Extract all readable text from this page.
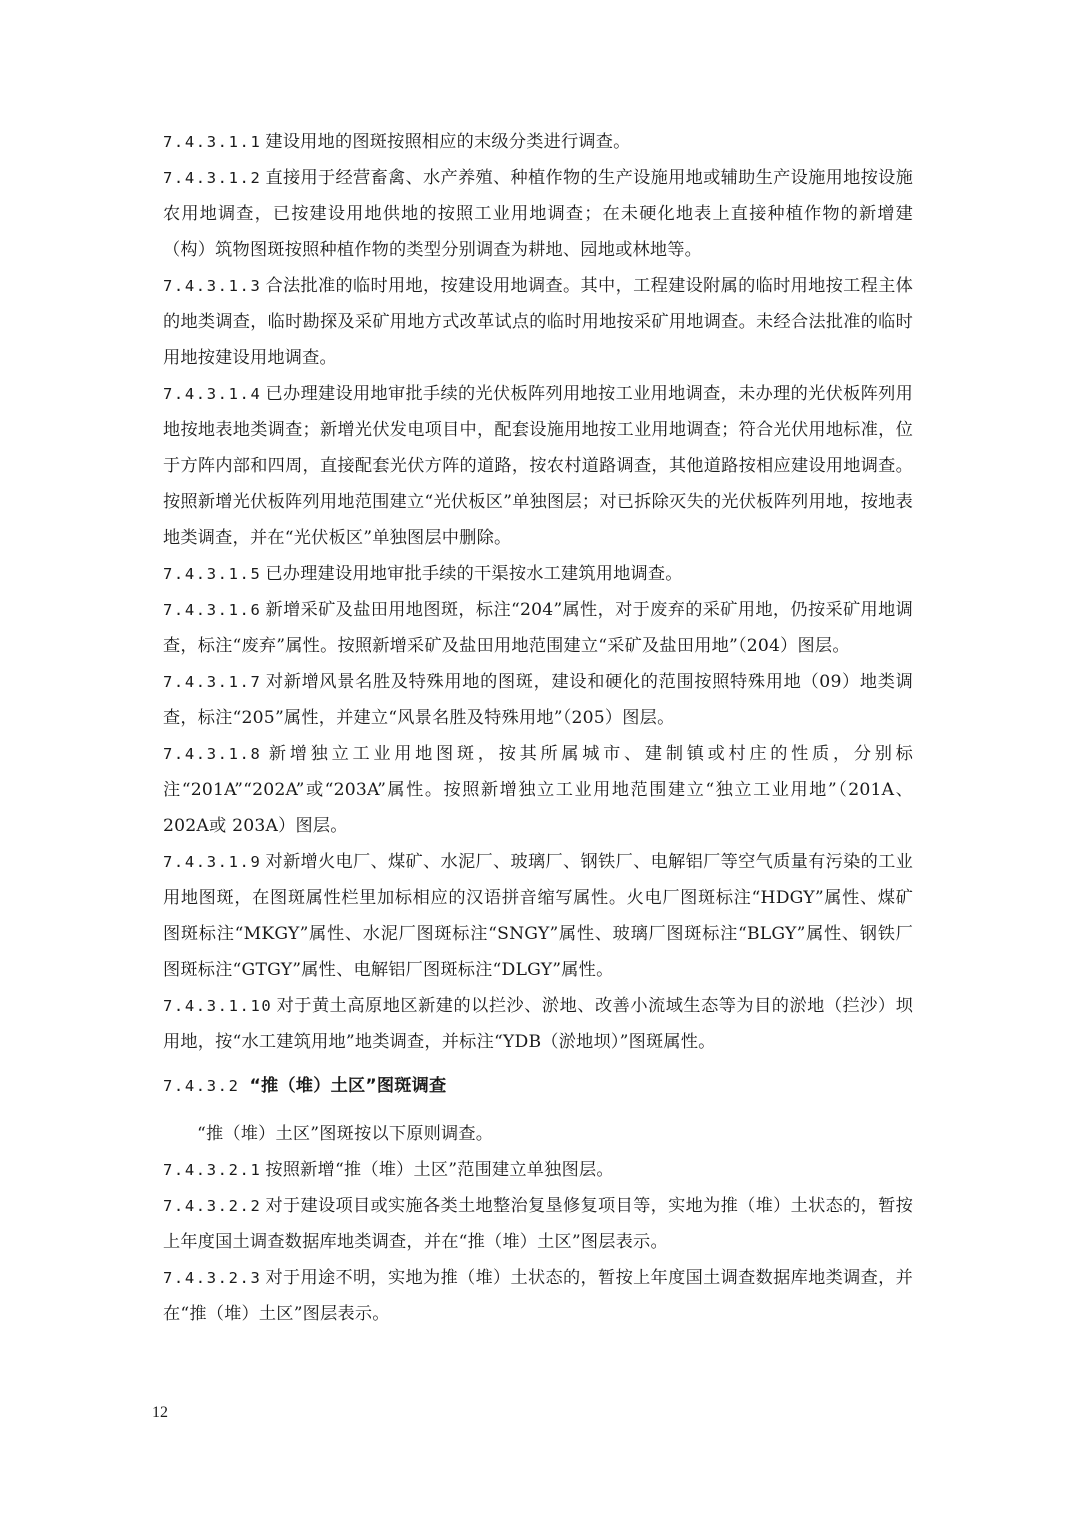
7.4.3.1.1 建设用地的图斑按照相应的末级分类进行调查。

7.4.3.1.2 直接用于经营畜禽、水产养殖、种植作物的生产设施用地或辅助生产设施用地按设施农用地调查，已按建设用地供地的按照工业用地调查；在未硬化地表上直接种植作物的新增建（构）筑物图斑按照种植作物的类型分别调查为耕地、园地或林地等。

7.4.3.1.3 合法批准的临时用地，按建设用地调查。其中，工程建设附属的临时用地按工程主体的地类调查，临时勘探及采矿用地方式改革试点的临时用地按采矿用地调查。未经合法批准的临时用地按建设用地调查。

7.4.3.1.4 已办理建设用地审批手续的光伏板阵列用地按工业用地调查，未办理的光伏板阵列用地按地表地类调查；新增光伏发电项目中，配套设施用地按工业用地调查；符合光伏用地标准，位于方阵内部和四周，直接配套光伏方阵的道路，按农村道路调查，其他道路按相应建设用地调查。按照新增光伏板阵列用地范围建立“光伏板区”单独图层；对已拆除灭失的光伏板阵列用地，按地表地类调查，并在“光伏板区”单独图层中删除。

7.4.3.1.5 已办理建设用地审批手续的干渠按水工建筑用地调查。

7.4.3.1.6 新增采矿及盐田用地图斑，标注“204”属性，对于废弃的采矿用地，仍按采矿用地调查，标注“废弃”属性。按照新增采矿及盐田用地范围建立“采矿及盐田用地”（204）图层。

7.4.3.1.7 对新增风景名胜及特殊用地的图斑，建设和硬化的范围按照特殊用地（09）地类调查，标注“205”属性，并建立“风景名胜及特殊用地”（205）图层。

7.4.3.1.8 新增独立工业用地图斑，按其所属城市、建制镇或村庄的性质，分别标注“201A”“202A”或“203A”属性。按照新增独立工业用地范围建立“独立工业用地”（201A、202A或 203A）图层。

7.4.3.1.9 对新增火电厂、煤矿、水泥厂、玻璃厂、钢铁厂、电解铝厂等空气质量有污染的工业用地图斑，在图斑属性栏里加标相应的汉语拼音缩写属性。火电厂图斑标注“HDGY”属性、煤矿图斑标注“MKGY”属性、水泥厂图斑标注“SNGY”属性、玻璃厂图斑标注“BLGY”属性、钢铁厂图斑标注“GTGY”属性、电解铝厂图斑标注“DLGY”属性。

7.4.3.1.10 对于黄土高原地区新建的以拦沙、淤地、改善小流域生态等为目的淤地（拦沙）坝用地，按“水工建筑用地”地类调查，并标注“YDB（淤地坝）”图斑属性。

7.4.3.2 “推（堆）土区”图斑调查

“推（堆）土区”图斑按以下原则调查。

7.4.3.2.1 按照新增“推（堆）土区”范围建立单独图层。

7.4.3.2.2 对于建设项目或实施各类土地整治复垦修复项目等，实地为推（堆）土状态的，暂按上年度国土调查数据库地类调查，并在“推（堆）土区”图层表示。

7.4.3.2.3 对于用途不明，实地为推（堆）土状态的，暂按上年度国土调查数据库地类调查，并在“推（堆）土区”图层表示。

12
